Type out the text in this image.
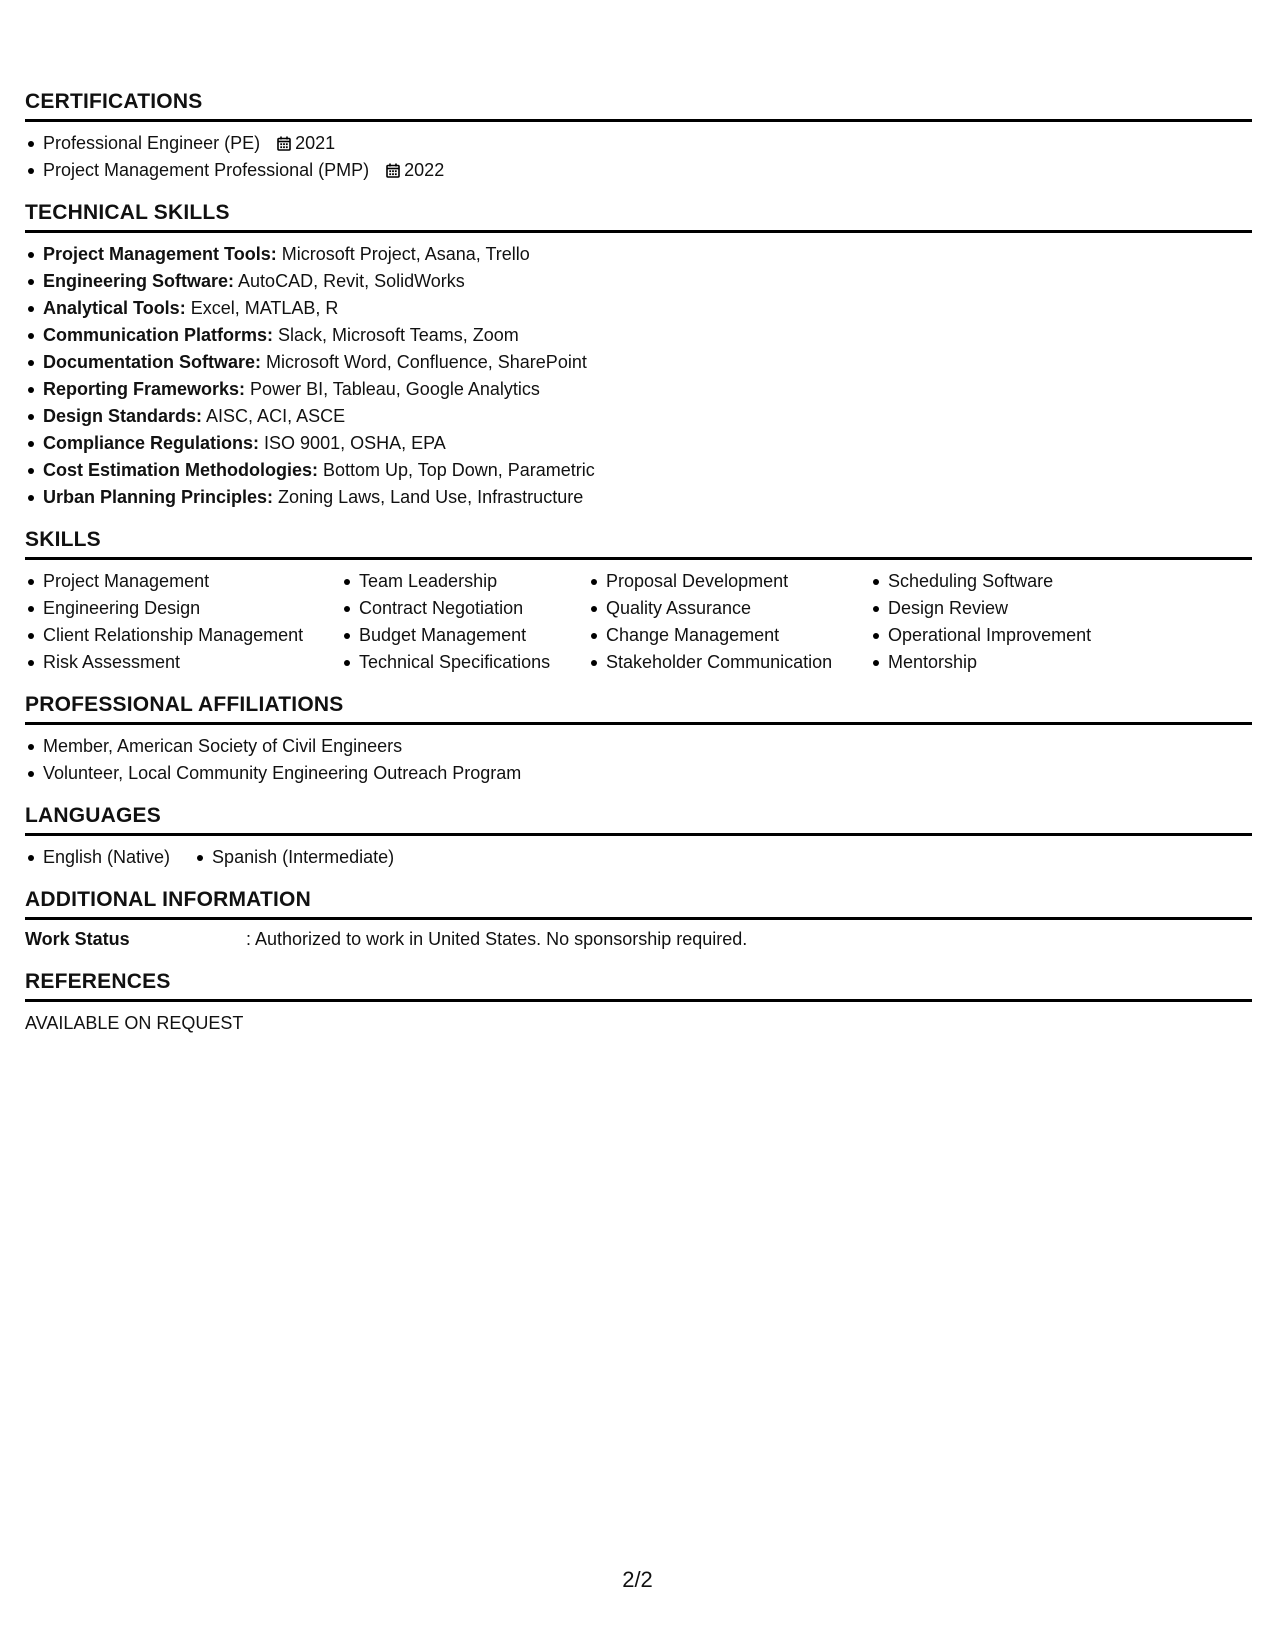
CERTIFICATIONS
Professional Engineer (PE) 2021
Project Management Professional (PMP) 2022
TECHNICAL SKILLS
Project Management Tools: Microsoft Project, Asana, Trello
Engineering Software: AutoCAD, Revit, SolidWorks
Analytical Tools: Excel, MATLAB, R
Communication Platforms: Slack, Microsoft Teams, Zoom
Documentation Software: Microsoft Word, Confluence, SharePoint
Reporting Frameworks: Power BI, Tableau, Google Analytics
Design Standards: AISC, ACI, ASCE
Compliance Regulations: ISO 9001, OSHA, EPA
Cost Estimation Methodologies: Bottom Up, Top Down, Parametric
Urban Planning Principles: Zoning Laws, Land Use, Infrastructure
SKILLS
Project Management
Engineering Design
Client Relationship Management
Risk Assessment
Team Leadership
Contract Negotiation
Budget Management
Technical Specifications
Proposal Development
Quality Assurance
Change Management
Stakeholder Communication
Scheduling Software
Design Review
Operational Improvement
Mentorship
PROFESSIONAL AFFILIATIONS
Member, American Society of Civil Engineers
Volunteer, Local Community Engineering Outreach Program
LANGUAGES
English (Native)	Spanish (Intermediate)
ADDITIONAL INFORMATION
Work Status	: Authorized to work in United States. No sponsorship required.
REFERENCES
AVAILABLE ON REQUEST
2/2
